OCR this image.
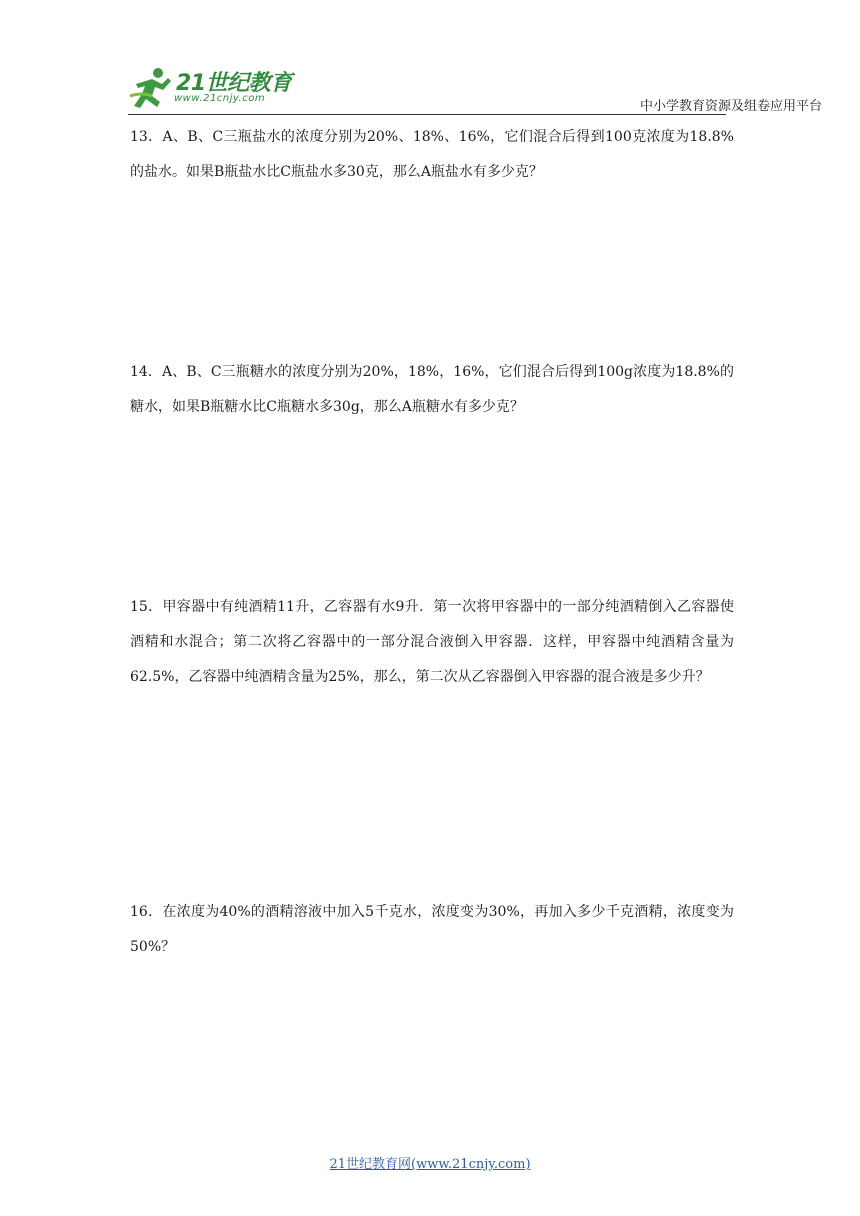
21世纪教育
www.21cnjy.com
中小学教育资源及组卷应用平台
13．A、B、C三瓶盐水的浓度分别为20%、18%、16%，它们混合后得到100克浓度为18.8%的盐水。如果B瓶盐水比C瓶盐水多30克，那么A瓶盐水有多少克？
14．A、B、C三瓶糖水的浓度分别为20%，18%，16%，它们混合后得到100g浓度为18.8%的糖水，如果B瓶糖水比C瓶糖水多30g，那么A瓶糖水有多少克？
15．甲容器中有纯酒精11升，乙容器有水9升．第一次将甲容器中的一部分纯酒精倒入乙容器使酒精和水混合；第二次将乙容器中的一部分混合液倒入甲容器．这样，甲容器中纯酒精含量为62.5%，乙容器中纯酒精含量为25%，那么，第二次从乙容器倒入甲容器的混合液是多少升？
16．在浓度为40%的酒精溶液中加入5千克水，浓度变为30%，再加入多少千克酒精，浓度变为50%？
21世纪教育网(www.21cnjy.com)
